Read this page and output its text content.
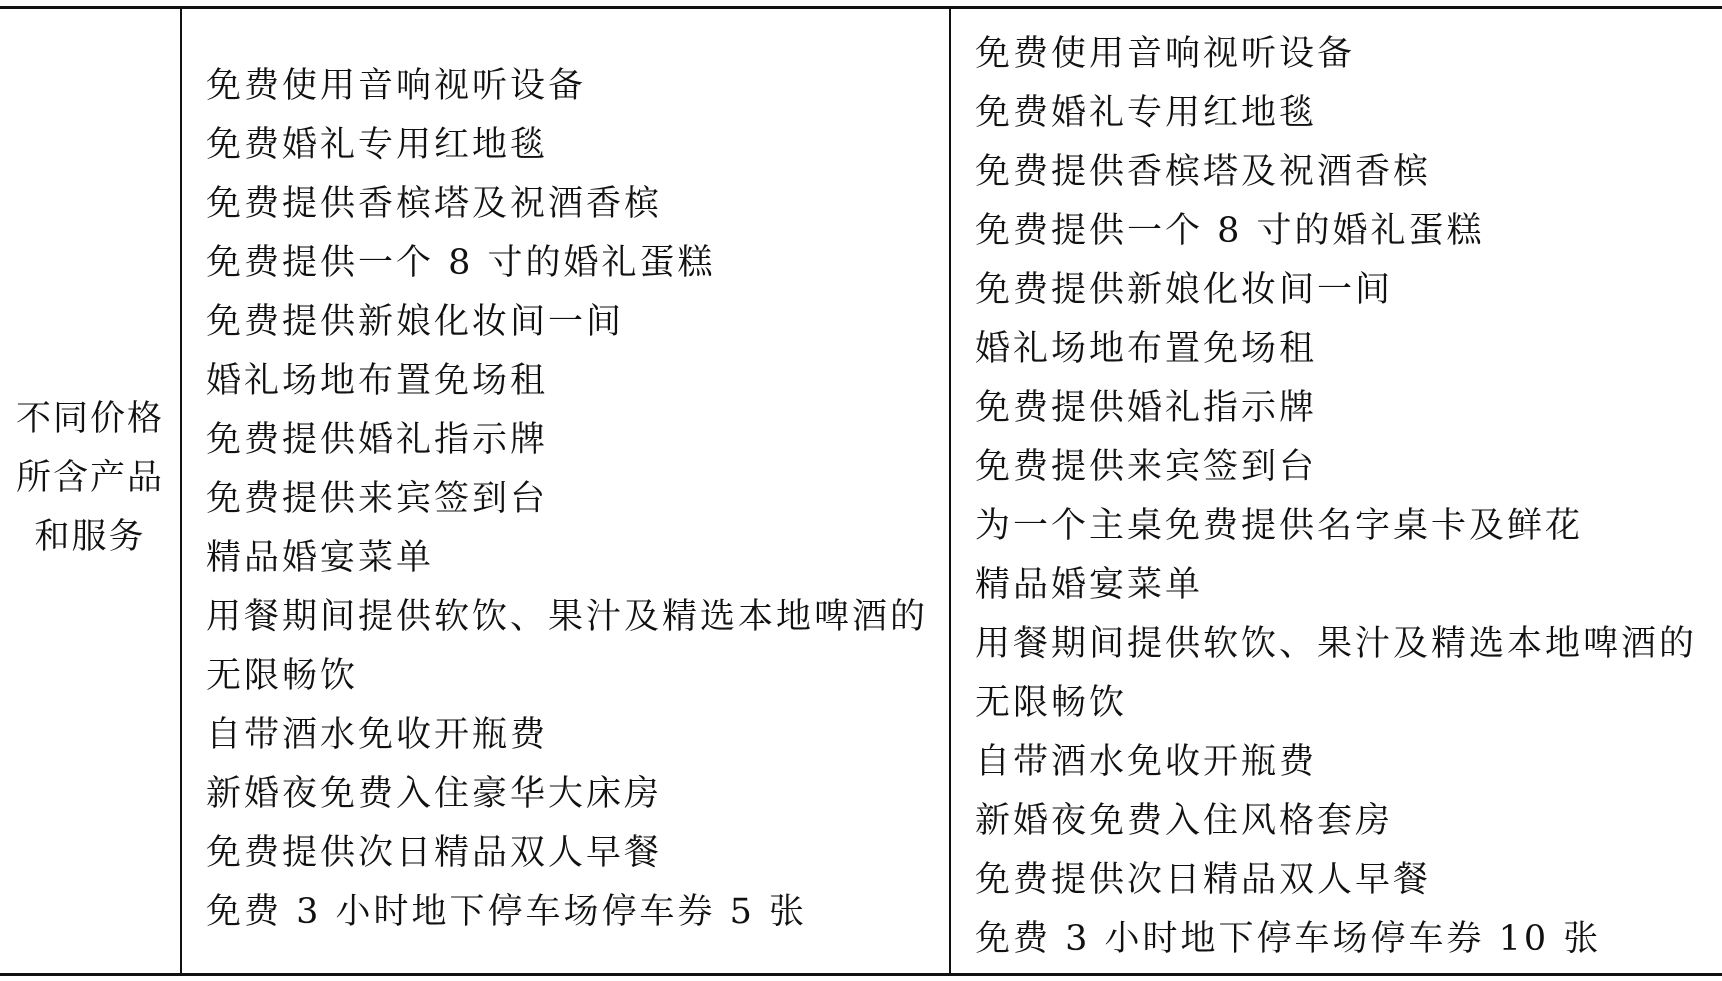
不同价格
所含产品
和服务
免费使用音响视听设备
免费婚礼专用红地毯
免费提供香槟塔及祝酒香槟
免费提供一个 8 寸的婚礼蛋糕
免费提供新娘化妆间一间
婚礼场地布置免场租
免费提供婚礼指示牌
免费提供来宾签到台
精品婚宴菜单
用餐期间提供软饮、果汁及精选本地啤酒的
无限畅饮
自带酒水免收开瓶费
新婚夜免费入住豪华大床房
免费提供次日精品双人早餐
免费 3 小时地下停车场停车券 5 张
免费使用音响视听设备
免费婚礼专用红地毯
免费提供香槟塔及祝酒香槟
免费提供一个 8 寸的婚礼蛋糕
免费提供新娘化妆间一间
婚礼场地布置免场租
免费提供婚礼指示牌
免费提供来宾签到台
为一个主桌免费提供名字桌卡及鲜花
精品婚宴菜单
用餐期间提供软饮、果汁及精选本地啤酒的
无限畅饮
自带酒水免收开瓶费
新婚夜免费入住风格套房
免费提供次日精品双人早餐
免费 3 小时地下停车场停车券 10 张
